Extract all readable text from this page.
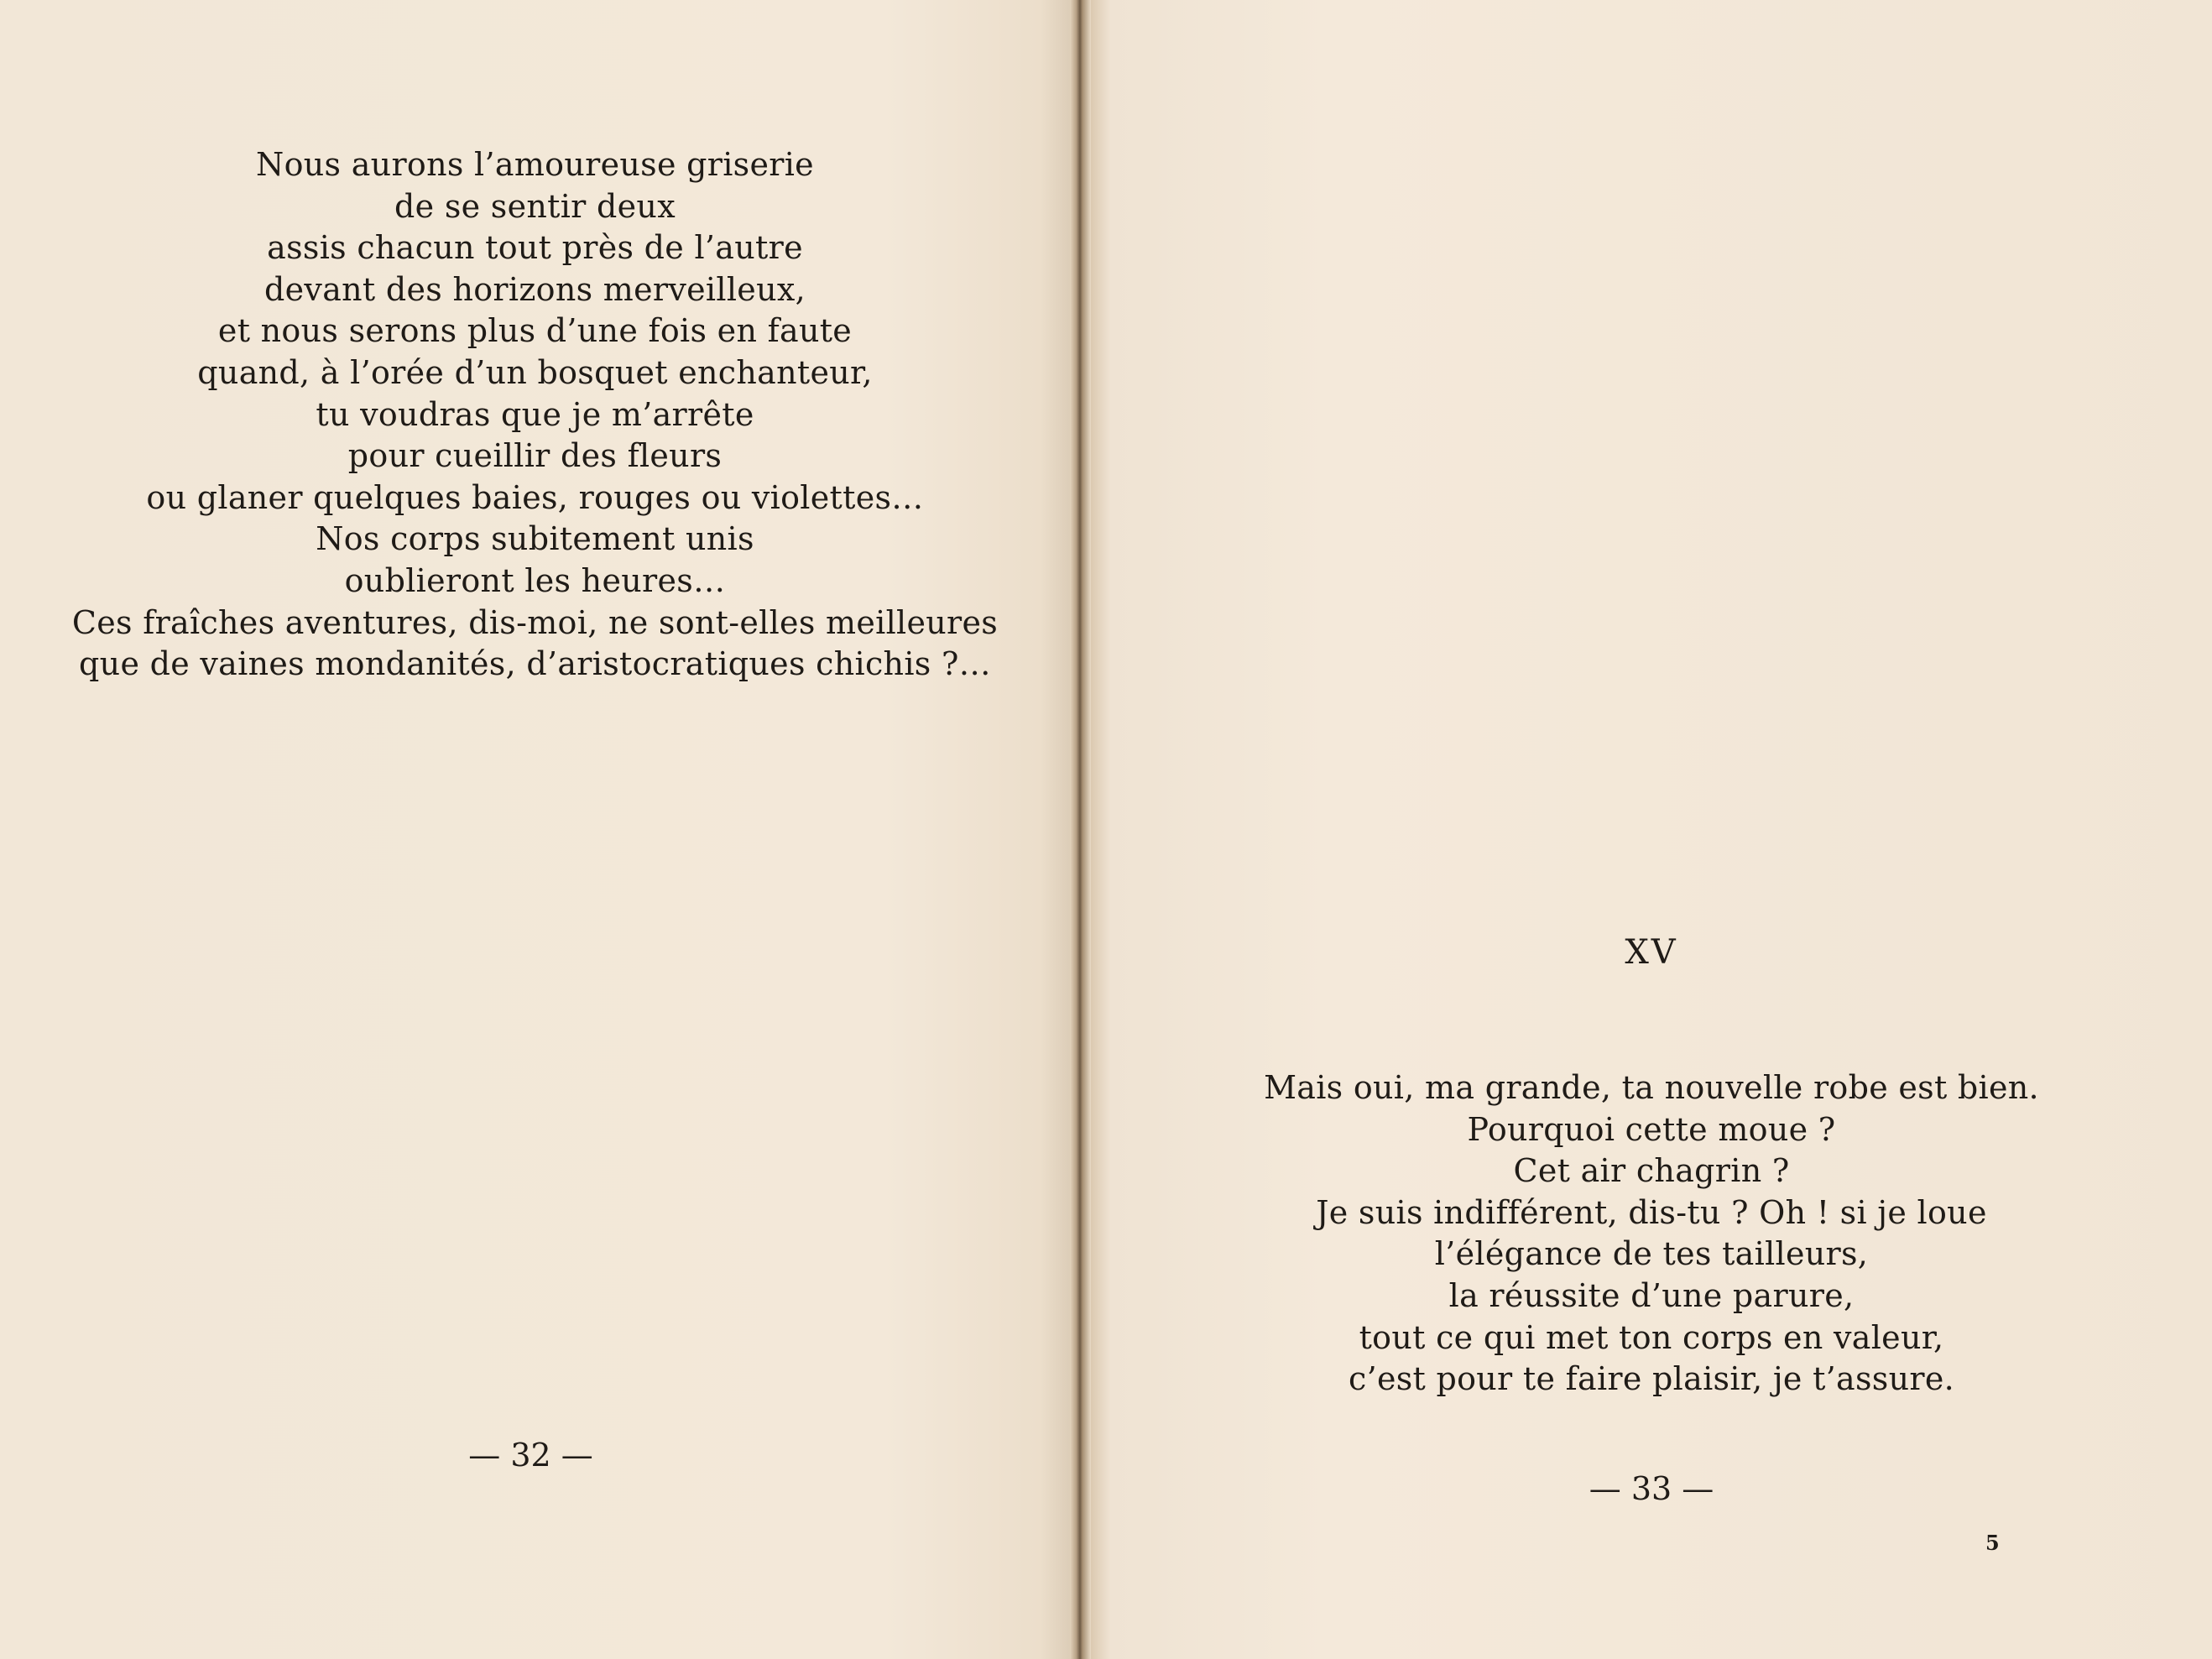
Nous aurons l’amoureuse griserie
de se sentir deux
assis chacun tout près de l’autre
devant des horizons merveilleux,
et nous serons plus d’une fois en faute
quand, à l’orée d’un bosquet enchanteur,
tu voudras que je m’arrête
pour cueillir des fleurs
ou glaner quelques baies, rouges ou violettes…
Nos corps subitement unis
oublieront les heures…
Ces fraîches aventures, dis-moi, ne sont-elles meilleures
que de vaines mondanités, d’aristocratiques chichis ?…
— 32 —
XV
Mais oui, ma grande, ta nouvelle robe est bien.
Pourquoi cette moue ?
Cet air chagrin ?
Je suis indifférent, dis-tu ? Oh ! si je loue
l’élégance de tes tailleurs,
la réussite d’une parure,
tout ce qui met ton corps en valeur,
c’est pour te faire plaisir, je t’assure.
— 33 —
5
